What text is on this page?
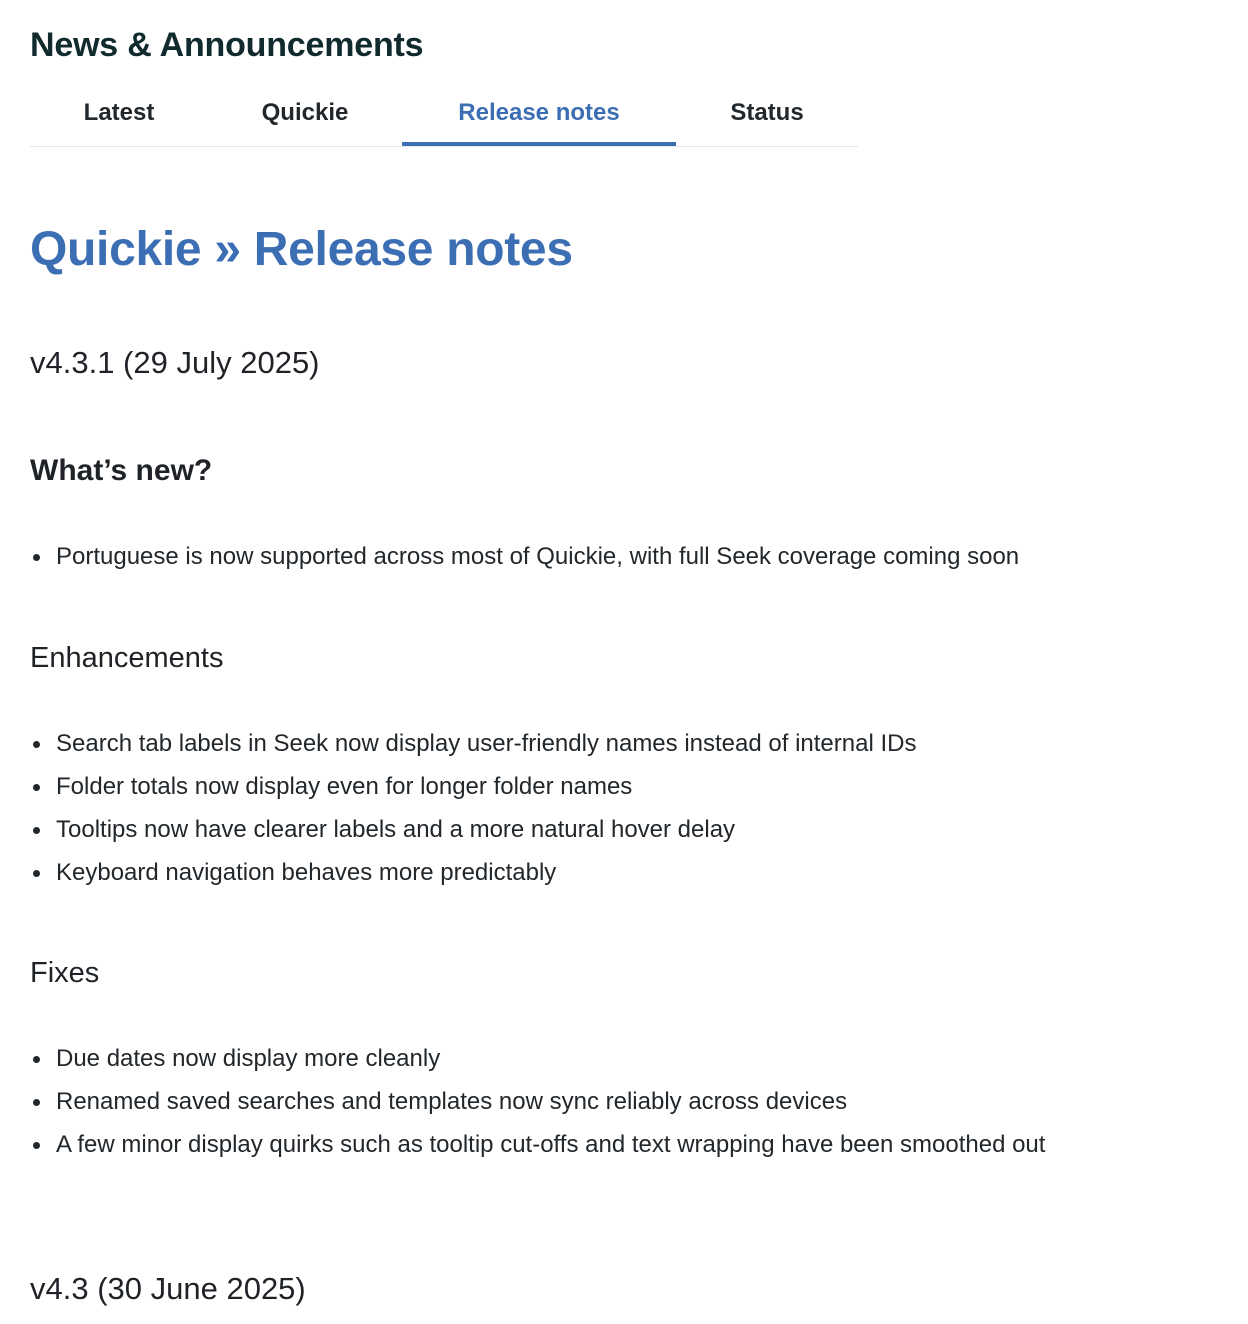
News & Announcements
Latest	Quickie	Release notes	Status
Quickie » Release notes
v4.3.1 (29 July 2025)
What’s new?
Portuguese is now supported across most of Quickie, with full Seek coverage coming soon
Enhancements
Search tab labels in Seek now display user-friendly names instead of internal IDs
Folder totals now display even for longer folder names
Tooltips now have clearer labels and a more natural hover delay
Keyboard navigation behaves more predictably
Fixes
Due dates now display more cleanly
Renamed saved searches and templates now sync reliably across devices
A few minor display quirks such as tooltip cut-offs and text wrapping have been smoothed out
v4.3 (30 June 2025)
